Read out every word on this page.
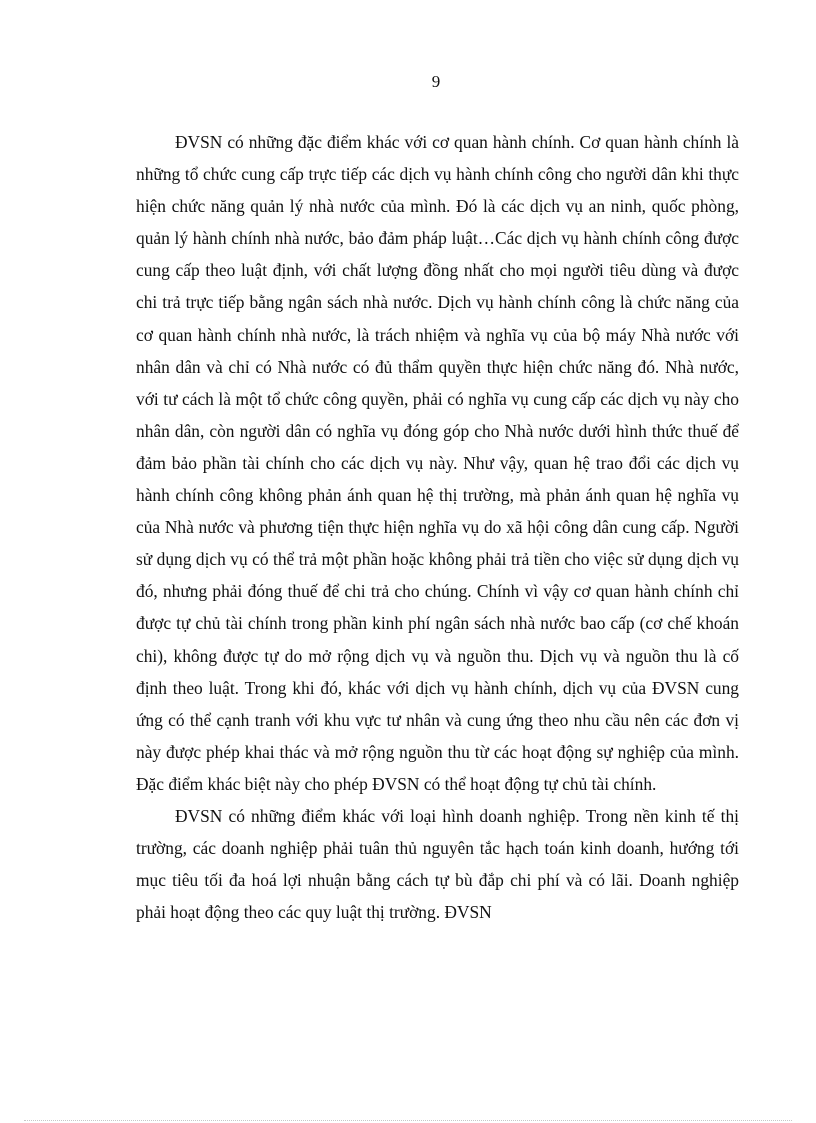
9

ĐVSN có những đặc điểm khác với cơ quan hành chính. Cơ quan hành chính là những tổ chức cung cấp trực tiếp các dịch vụ hành chính công cho người dân khi thực hiện chức năng quản lý nhà nước của mình. Đó là các dịch vụ an ninh, quốc phòng, quản lý hành chính nhà nước, bảo đảm pháp luật…Các dịch vụ hành chính công được cung cấp theo luật định, với chất lượng đồng nhất cho mọi người tiêu dùng và được chi trả trực tiếp bằng ngân sách nhà nước. Dịch vụ hành chính công là chức năng của cơ quan hành chính nhà nước, là trách nhiệm và nghĩa vụ của bộ máy Nhà nước với nhân dân và chỉ có Nhà nước có đủ thẩm quyền thực hiện chức năng đó. Nhà nước, với tư cách là một tổ chức công quyền, phải có nghĩa vụ cung cấp các dịch vụ này cho nhân dân, còn người dân có nghĩa vụ đóng góp cho Nhà nước dưới hình thức thuế để đảm bảo phần tài chính cho các dịch vụ này. Như vậy, quan hệ trao đổi các dịch vụ hành chính công không phản ánh quan hệ thị trường, mà phản ánh quan hệ nghĩa vụ của Nhà nước và phương tiện thực hiện nghĩa vụ do xã hội công dân cung cấp. Người sử dụng dịch vụ có thể trả một phần hoặc không phải trả tiền cho việc sử dụng dịch vụ đó, nhưng phải đóng thuế để chi trả cho chúng. Chính vì vậy cơ quan hành chính chỉ được tự chủ tài chính trong phần kinh phí ngân sách nhà nước bao cấp (cơ chế khoán chi), không được tự do mở rộng dịch vụ và nguồn thu. Dịch vụ và nguồn thu là cố định theo luật. Trong khi đó, khác với dịch vụ hành chính, dịch vụ của ĐVSN cung ứng có thể cạnh tranh với khu vực tư nhân và cung ứng theo nhu cầu nên các đơn vị này được phép khai thác và mở rộng nguồn thu từ các hoạt động sự nghiệp của mình. Đặc điểm khác biệt này cho phép ĐVSN có thể hoạt động tự chủ tài chính.

ĐVSN có những điểm khác với loại hình doanh nghiệp. Trong nền kinh tế thị trường, các doanh nghiệp phải tuân thủ nguyên tắc hạch toán kinh doanh, hướng tới mục tiêu tối đa hoá lợi nhuận bằng cách tự bù đắp chi phí và có lãi. Doanh nghiệp phải hoạt động theo các quy luật thị trường. ĐVSN
